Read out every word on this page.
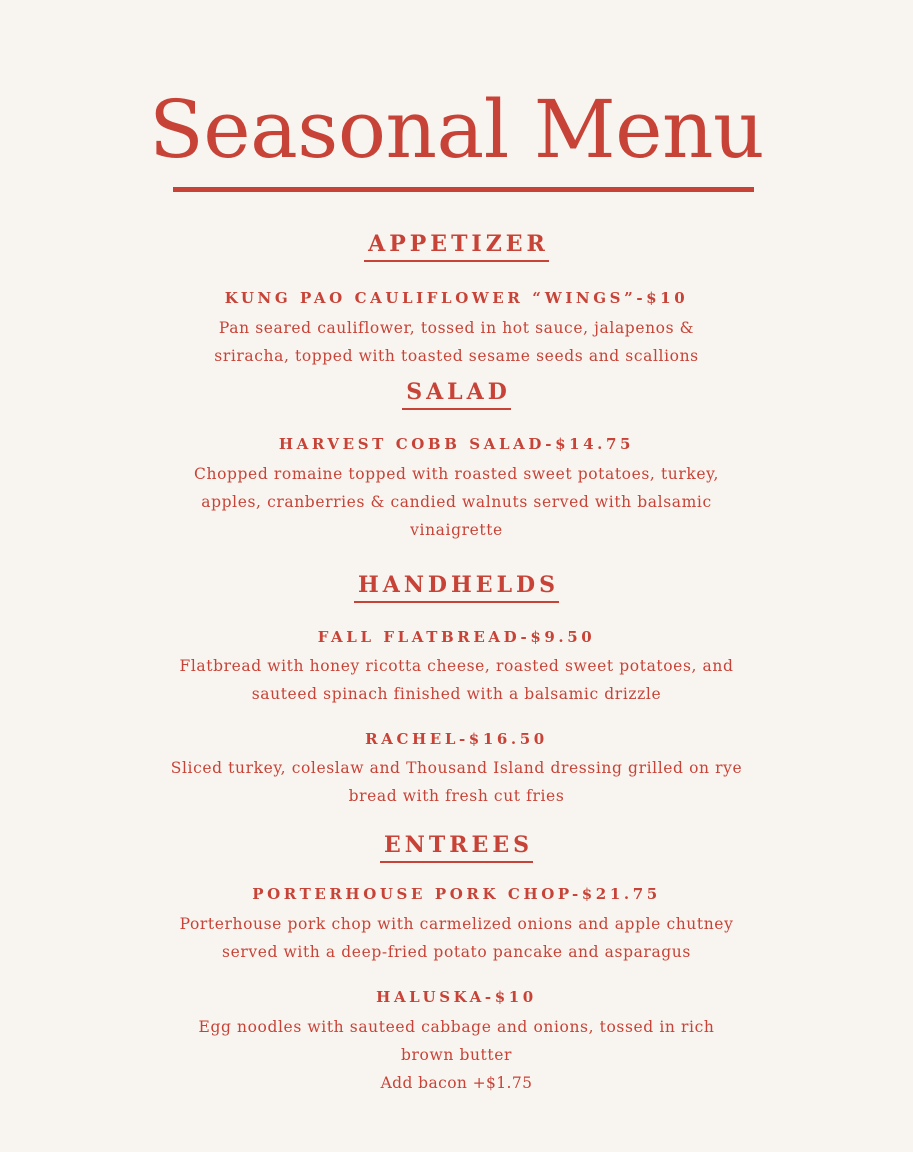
Seasonal Menu
APPETIZER
KUNG PAO CAULIFLOWER “WINGS”-$10

Pan seared cauliflower, tossed in hot sauce, jalapenos & sriracha, topped with toasted sesame seeds and scallions

SALAD
HARVEST COBB SALAD-$14.75

Chopped romaine topped with roasted sweet potatoes, turkey, apples, cranberries & candied walnuts served with balsamic vinaigrette

HANDHELDS
FALL FLATBREAD-$9.50

Flatbread with honey ricotta cheese, roasted sweet potatoes, and sauteed spinach finished with a balsamic drizzle

RACHEL-$16.50

Sliced turkey, coleslaw and Thousand Island dressing grilled on rye bread with fresh cut fries

ENTREES
PORTERHOUSE PORK CHOP-$21.75

Porterhouse pork chop with carmelized onions and apple chutney served with a deep-fried potato pancake and asparagus

HALUSKA-$10

Egg noodles with sauteed cabbage and onions, tossed in rich brown butter

Add bacon +$1.75
